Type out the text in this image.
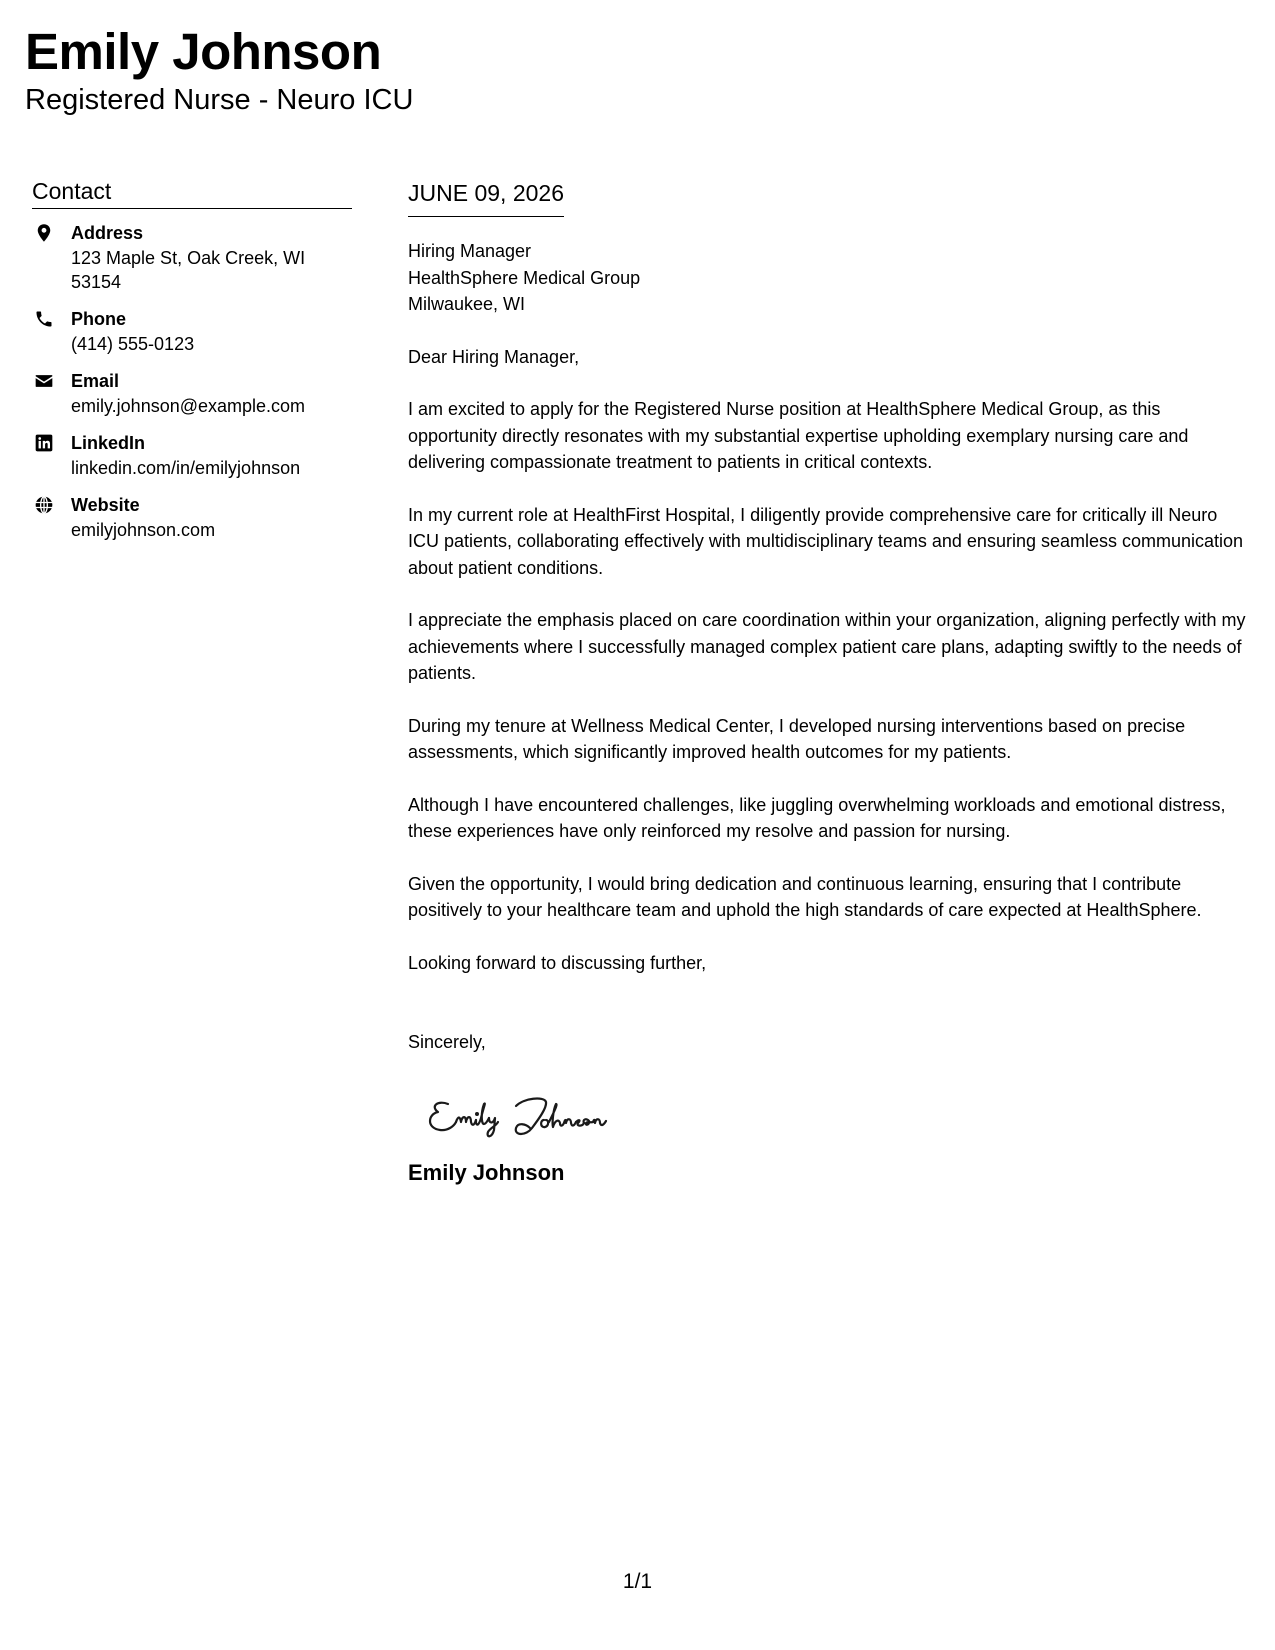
Emily Johnson
Registered Nurse - Neuro ICU
Contact
Address
123 Maple St, Oak Creek, WI 53154
Phone
(414) 555-0123
Email
emily.johnson@example.com
LinkedIn
linkedin.com/in/emilyjohnson
Website
emilyjohnson.com
JUNE 09, 2026
Hiring Manager
HealthSphere Medical Group
Milwaukee, WI
Dear Hiring Manager,
I am excited to apply for the Registered Nurse position at HealthSphere Medical Group, as this opportunity directly resonates with my substantial expertise upholding exemplary nursing care and delivering compassionate treatment to patients in critical contexts.
In my current role at HealthFirst Hospital, I diligently provide comprehensive care for critically ill Neuro ICU patients, collaborating effectively with multidisciplinary teams and ensuring seamless communication about patient conditions.
I appreciate the emphasis placed on care coordination within your organization, aligning perfectly with my achievements where I successfully managed complex patient care plans, adapting swiftly to the needs of patients.
During my tenure at Wellness Medical Center, I developed nursing interventions based on precise assessments, which significantly improved health outcomes for my patients.
Although I have encountered challenges, like juggling overwhelming workloads and emotional distress, these experiences have only reinforced my resolve and passion for nursing.
Given the opportunity, I would bring dedication and continuous learning, ensuring that I contribute positively to your healthcare team and uphold the high standards of care expected at HealthSphere.
Looking forward to discussing further,
Sincerely,
Emily Johnson
1/1
